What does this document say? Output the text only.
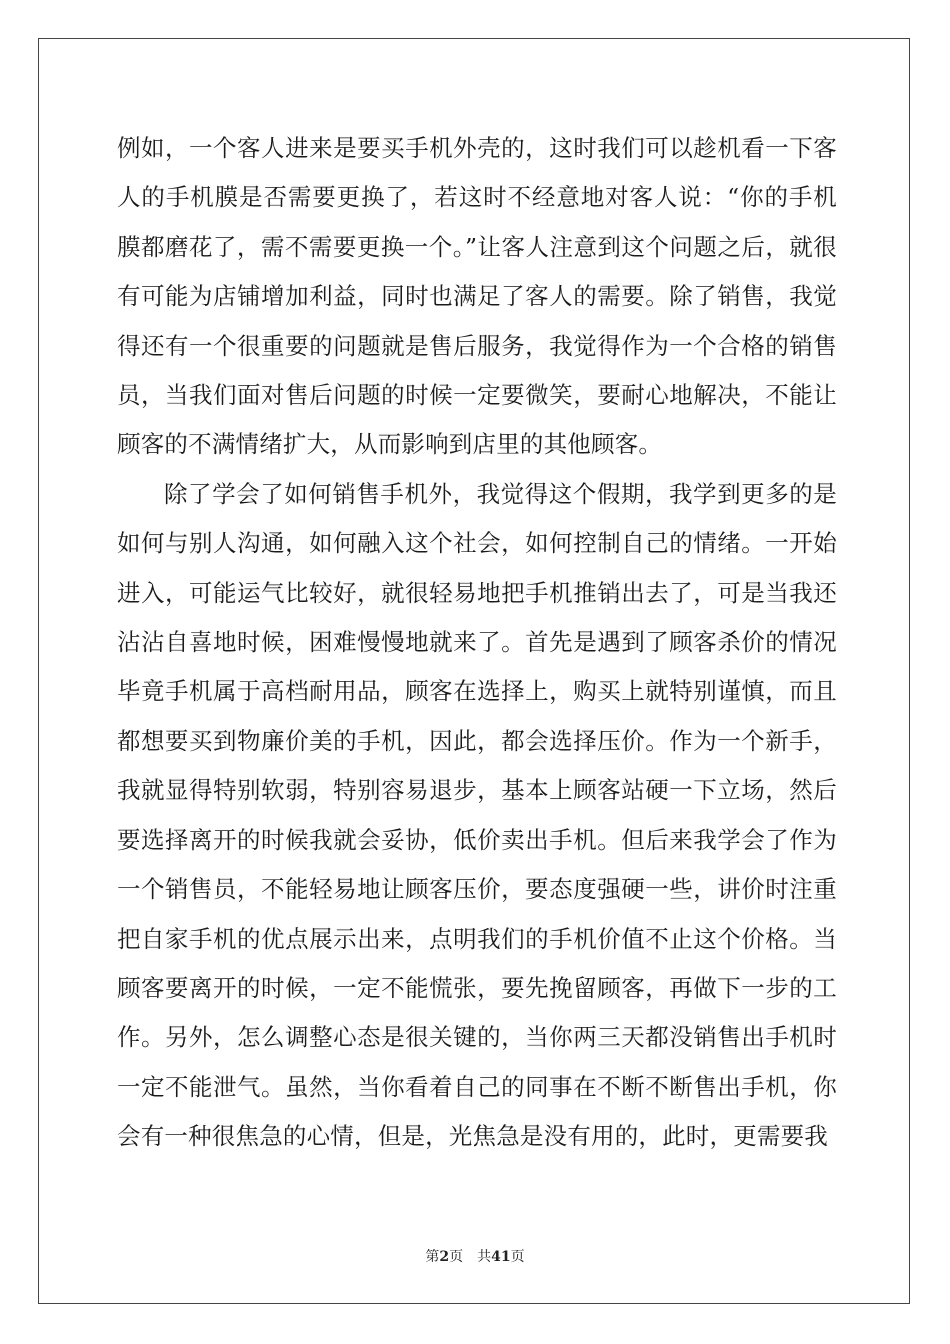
例如，一个客人进来是要买手机外壳的，这时我们可以趁机看一下客人的手机膜是否需要更换了，若这时不经意地对客人说：“你的手机膜都磨花了，需不需要更换一个。”让客人注意到这个问题之后，就很有可能为店铺增加利益，同时也满足了客人的需要。除了销售，我觉得还有一个很重要的问题就是售后服务，我觉得作为一个合格的销售员，当我们面对售后问题的时候一定要微笑，要耐心地解决，不能让顾客的不满情绪扩大，从而影响到店里的其他顾客。

除了学会了如何销售手机外，我觉得这个假期，我学到更多的是如何与别人沟通，如何融入这个社会，如何控制自己的情绪。一开始进入，可能运气比较好，就很轻易地把手机推销出去了，可是当我还沾沾自喜地时候，困难慢慢地就来了。首先是遇到了顾客杀价的情况毕竟手机属于高档耐用品，顾客在选择上，购买上就特别谨慎，而且都想要买到物廉价美的手机，因此，都会选择压价。作为一个新手，我就显得特别软弱，特别容易退步，基本上顾客站硬一下立场，然后要选择离开的时候我就会妥协，低价卖出手机。但后来我学会了作为一个销售员，不能轻易地让顾客压价，要态度强硬一些，讲价时注重把自家手机的优点展示出来，点明我们的手机价值不止这个价格。当顾客要离开的时候，一定不能慌张，要先挽留顾客，再做下一步的工作。另外，怎么调整心态是很关键的，当你两三天都没销售出手机时一定不能泄气。虽然，当你看着自己的同事在不断不断售出手机，你会有一种很焦急的心情，但是，光焦急是没有用的，此时，更需要我

第2页 共41页
